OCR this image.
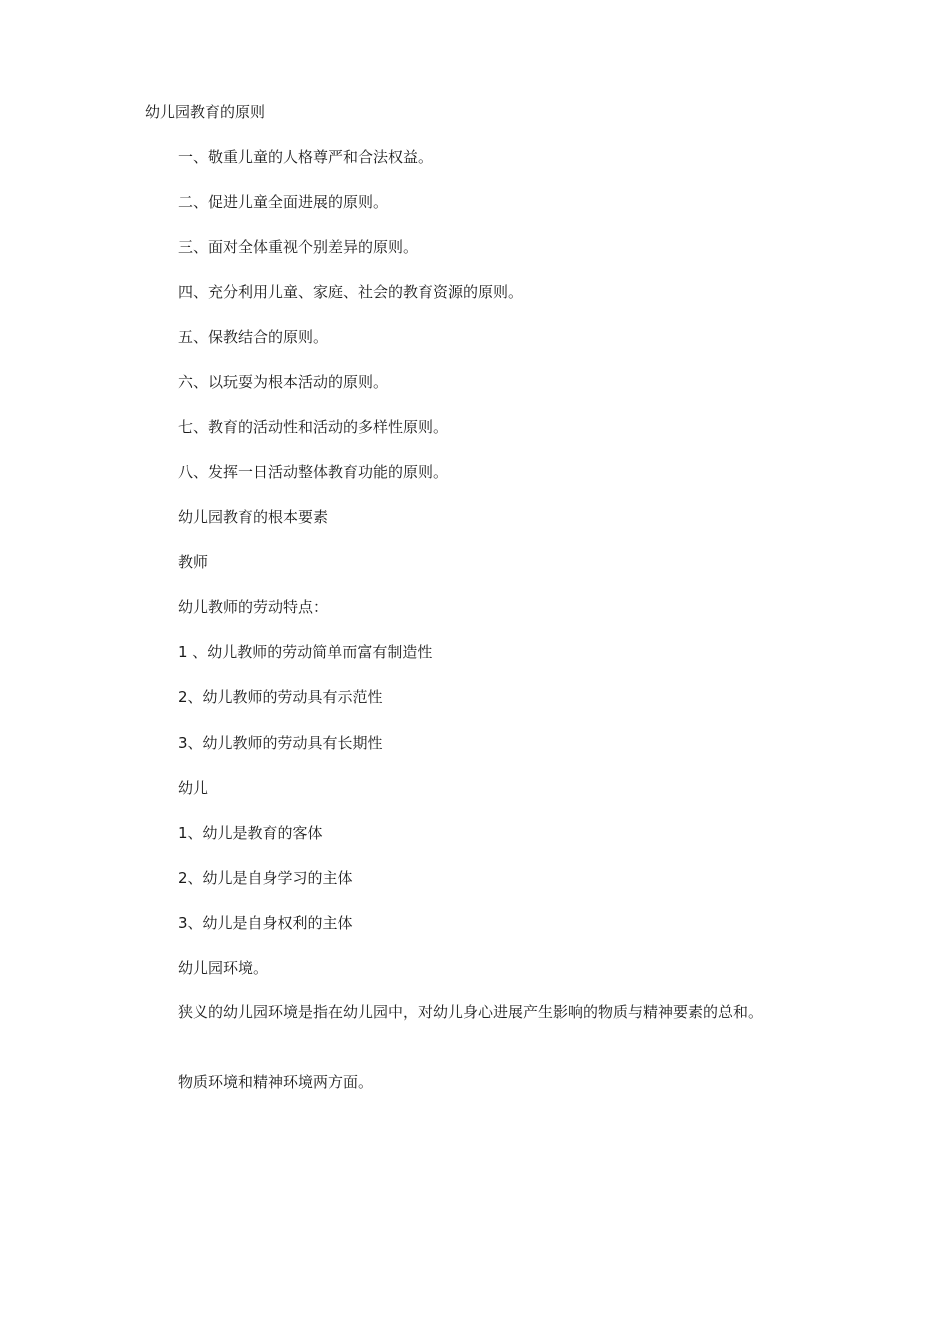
幼儿园教育的原则
一、敬重儿童的人格尊严和合法权益。
二、促进儿童全面进展的原则。
三、面对全体重视个别差异的原则。
四、充分利用儿童、家庭、社会的教育资源的原则。
五、保教结合的原则。
六、以玩耍为根本活动的原则。
七、教育的活动性和活动的多样性原则。
八、发挥一日活动整体教育功能的原则。
幼儿园教育的根本要素
教师
幼儿教师的劳动特点：
1 、幼儿教师的劳动简单而富有制造性
2、幼儿教师的劳动具有示范性
3、幼儿教师的劳动具有长期性
幼儿
1、幼儿是教育的客体
2、幼儿是自身学习的主体
3、幼儿是自身权利的主体
幼儿园环境。
狭义的幼儿园环境是指在幼儿园中，对幼儿身心进展产生影响的物质与精神要素的总和。
物质环境和精神环境两方面。
